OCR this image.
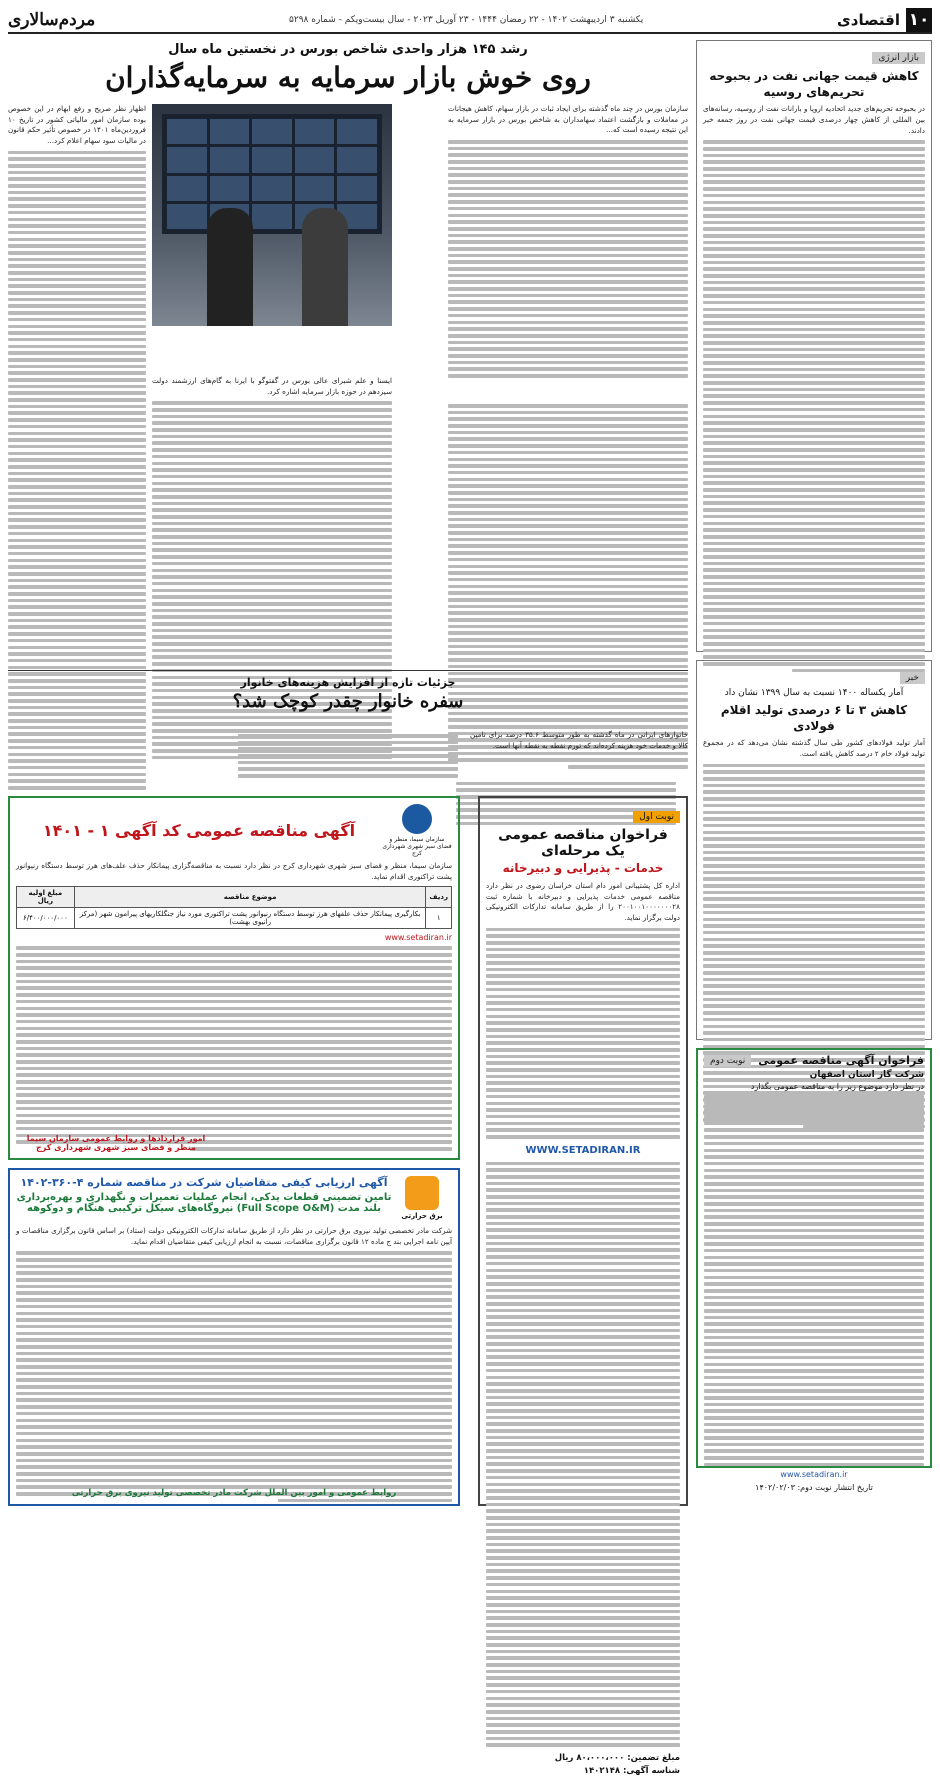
۱۰
اقتصادی
یکشنبه ۳ اردیبهشت ۱۴۰۲ - ۲۲ رمضان ۱۴۴۴ - ۲۳ آوریل ۲۰۲۳ - سال بیست‌ویکم - شماره ۵۲۹۸
مردم‌سالاری
بازار انرژی
کاهش قیمت جهانی نفت در بحبوحه تحریم‌های روسیه

در بحبوحه تحریم‌های جدید اتحادیه اروپا و بارانات نفت از روسیه، رسانه‌های بین المللی از کاهش چهار درصدی قیمت جهانی نفت در روز جمعه خبر دادند.

خبر
آمار یکساله ۱۴۰۰ نسبت به سال ۱۳۹۹ نشان داد
کاهش ۳ تا ۶ درصدی تولید اقلام فولادی

آمار تولید فولاد‌های کشور طی سال گذشته نشان می‌دهد که در مجموع تولید فولاد خام ۲ درصد کاهش یافته است.

فراخوان آگهی مناقصه عمومی
نوبت دوم
شرکت گاز استان اصفهان
در نظر دارد موضوع زیر را به مناقصه عمومی بگذارد
www.setadiran.ir
تاریخ انتشار نوبت دوم: ۱۴۰۲/۰۲/۰۳
رشد ۱۴۵ هزار واحدی شاخص بورس در نخستین ماه سال
روی خوش بازار سرمایه به سرمایه‌گذاران

سازمان بورس در چند ماه گذشته برای ایجاد ثبات در بازار سهام، کاهش هیجانات در معاملات و بازگشت اعتماد سهامداران به شاخص بورس در بازار سرمایه به این نتیجه رسیده است که...

اظهار نظر صریح و رفع ابهام در این خصوص بوده سازمان امور مالیاتی کشور در تاریخ ۱۰ فروردین‌ماه ۱۴۰۱ در خصوص تأثیر حکم قانون در مالیات سود سهام اعلام کرد...

ایسنا و علم شبرای عالی بورس در گفتوگو با ایرنا به گام‌های ارزشمند دولت سیزدهم در حوزه بازار سرمایه اشاره کرد.

جزئیات تازه از افزایش هزینه‌های خانوار
سفره خانوار چقدر کوچک شد؟

خانوارهای ایرانی در ماه گذشته به طور متوسط ۳۵.۶ درصد برای تامین کالا و خدمات خود هزینه کرده‌اند که تورم نقطه به نقطه آنها است.

نوبت اول
فراخوان مناقصه عمومی یک مرحله‌ای
خدمات - پذیرایی و دبیرخانه

اداره کل پشتیبانی امور دام استان خراسان رضوی در نظر دارد مناقصه عمومی خدمات پذیرایی و دبیرخانه با شماره ثبت ۲۰۰۱۰۰۱۰۰۰۰۰۰۰۲۸ را از طریق سامانه تدارکات الکترونیکی دولت برگزار نماید.

WWW.SETADIRAN.IR
مبلغ تضمین: ۸۰،۰۰۰،۰۰۰ ریال
شناسه آگهی: ۱۴۰۲۱۴۸
سازمان سیما، منظر و فضای سبز شهری شهرداری کرج
آگهی مناقصه عمومی کد آگهی ۱ - ۱۴۰۱

سازمان سیما، منظر و فضای سبز شهری شهرداری کرج در نظر دارد نسبت به مناقصه‌گزاری پیمانکار حذف علف‌های هرز توسط دستگاه رنیوانور پشت تراکتوری اقدام نماید.

ردیف	موضوع مناقصه	مبلغ اولیه ریال
۱	بکارگیری پیمانکار حذف علفهای هرز توسط دستگاه رنیوانور پشت تراکتوری مورد نیاز جنگلکاریهای پیرامون شهر (مرکز رانیوی بهشت)	۶/۴۰۰/۰۰۰/۰۰۰
www.setadiran.ir
امور قراردادها و روابط عمومی سازمان سیما منظر و فضای سبز شهری شهرداری کرج
برق حرارتی
آگهی ارزیابی کیفی متقاضیان شرکت در مناقصه شماره ۴-۳۶۰-۱۴۰۲
تامین تضمینی قطعات یدکی، انجام عملیات تعمیرات و نگهداری و بهره‌برداری بلند مدت (Full Scope O&M) نیروگاه‌های سیکل ترکیبی هنگام و دوکوهه

شرکت مادر تخصصی تولید نیروی برق حرارتی در نظر دارد از طریق سامانه تدارکات الکترونیکی دولت (ستاد) بر اساس قانون برگزاری مناقصات و آیین نامه اجرایی بند ج ماده ۱۲ قانون برگزاری مناقصات، نسبت به انجام ارزیابی کیفی متقاضیان اقدام نماید.

روابط عمومی و امور بین الملل شرکت مادر تخصصی تولید نیروی برق حرارتی
